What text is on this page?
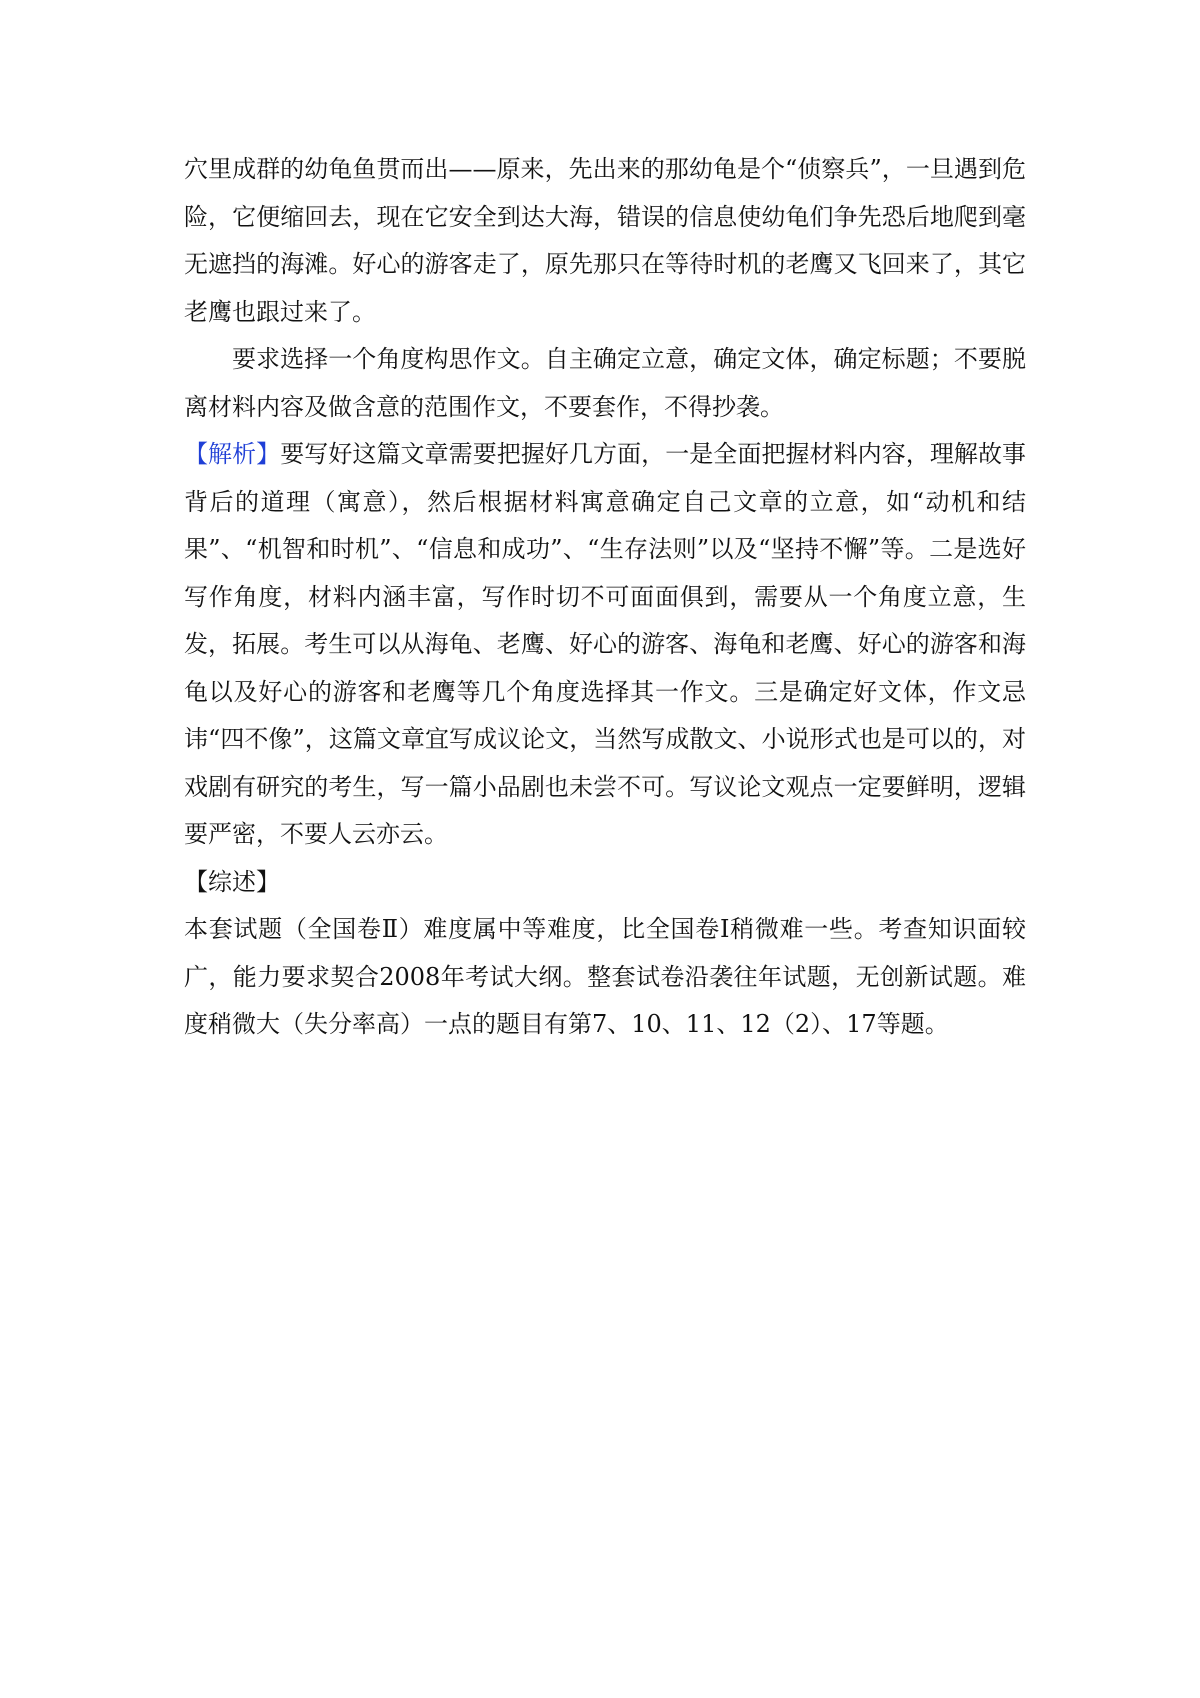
穴里成群的幼龟鱼贯而出——原来，先出来的那幼龟是个“侦察兵”，一旦遇到危险，它便缩回去，现在它安全到达大海，错误的信息使幼龟们争先恐后地爬到毫无遮挡的海滩。好心的游客走了，原先那只在等待时机的老鹰又飞回来了，其它老鹰也跟过来了。

要求选择一个角度构思作文。自主确定立意，确定文体，确定标题；不要脱离材料内容及做含意的范围作文，不要套作，不得抄袭。

【解析】要写好这篇文章需要把握好几方面，一是全面把握材料内容，理解故事背后的道理（寓意），然后根据材料寓意确定自己文章的立意，如“动机和结果”、“机智和时机”、“信息和成功”、“生存法则”以及“坚持不懈”等。二是选好写作角度，材料内涵丰富，写作时切不可面面俱到，需要从一个角度立意，生发，拓展。考生可以从海龟、老鹰、好心的游客、海龟和老鹰、好心的游客和海龟以及好心的游客和老鹰等几个角度选择其一作文。三是确定好文体，作文忌讳“四不像”，这篇文章宜写成议论文，当然写成散文、小说形式也是可以的，对戏剧有研究的考生，写一篇小品剧也未尝不可。写议论文观点一定要鲜明，逻辑要严密，不要人云亦云。

【综述】

本套试题（全国卷Ⅱ）难度属中等难度，比全国卷Ⅰ稍微难一些。考查知识面较广，能力要求契合2008年考试大纲。整套试卷沿袭往年试题，无创新试题。难度稍微大（失分率高）一点的题目有第7、10、11、12（2）、17等题。
